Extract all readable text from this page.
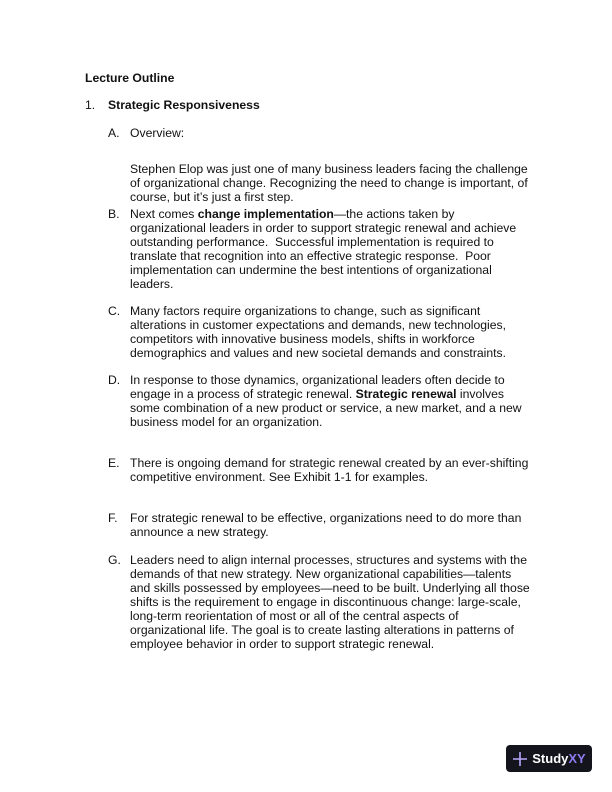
Lecture Outline
1. Strategic Responsiveness
A. Overview:
Stephen Elop was just one of many business leaders facing the challenge
of organizational change. Recognizing the need to change is important, of
course, but it’s just a first step.
B. Next comes change implementation—the actions taken by
organizational leaders in order to support strategic renewal and achieve
outstanding performance.  Successful implementation is required to
translate that recognition into an effective strategic response.  Poor
implementation can undermine the best intentions of organizational
leaders.
C. Many factors require organizations to change, such as significant
alterations in customer expectations and demands, new technologies,
competitors with innovative business models, shifts in workforce
demographics and values and new societal demands and constraints.
D. In response to those dynamics, organizational leaders often decide to
engage in a process of strategic renewal. Strategic renewal involves
some combination of a new product or service, a new market, and a new
business model for an organization.
E. There is ongoing demand for strategic renewal created by an ever-shifting
competitive environment. See Exhibit 1-1 for examples.
F. For strategic renewal to be effective, organizations need to do more than
announce a new strategy.
G. Leaders need to align internal processes, structures and systems with the
demands of that new strategy. New organizational capabilities—talents
and skills possessed by employees—need to be built. Underlying all those
shifts is the requirement to engage in discontinuous change: large-scale,
long-term reorientation of most or all of the central aspects of
organizational life. The goal is to create lasting alterations in patterns of
employee behavior in order to support strategic renewal.
StudyXY
